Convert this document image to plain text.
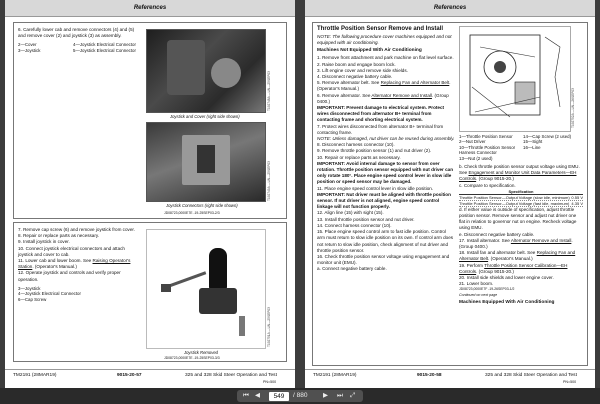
References

6. Carefully lower cab and remove connectors (4) and (5) and remove cover (2) and joystick (3) as assembly.

2—Cover
3—Joystick
4—Joystick Electrical Connector
5—Joystick Electrical Connector
Joystick and Cover (right side shown)
T192748A —UN—25SEP03
Joystick Connectors (right side shown)
T192749A —UN—25SEP03
JD08723,0000E7E -19-25SEP03-2/3

7. Remove cap screw (6) and remove joystick from cover.

8. Repair or replace parts as necessary.

9. Install joystick in cover.

10. Connect joystick electrical connectors and attach joystick and cover to cab.

11. Lower cab and lower boom. See Raising Operator's Station. (Operator's Manual.)

12. Operate joystick and controls and verify proper operation.

3—Joystick
4—Joystick Electrical Connector
6—Cap Screw
Joystick Removed
T192751A —UN—25SEP03
JD08723,0000E7E -19-25SEP03-3/3
TM2191 (28MAR19)	9015-20-57	325 and 328 Skid Steer Operation and Test
PN=500
References

Throttle Position Sensor Remove and Install

NOTE: The following procedure cover machines equipped and not equipped with air conditioning.

Machines Not Equipped With Air Conditioning

1. Remove front attachment and park machine on flat level surface.

2. Raise boom and engage boom lock.

3. Lift engine cover and remove side shields.

4. Disconnect negative battery cable.

5. Remove alternator belt. See Replacing Fan and Alternator Belt. (Operator's Manual.)

6. Remove alternator. See Alternator Remove and Install. (Group 0400.)

IMPORTANT: Prevent damage to electrical system. Protect wires disconnected from alternator B+ terminal from contacting frame and shorting electrical system.

7. Protect wires disconnected from alternator B+ terminal from contacting frame.

NOTE: Unless damaged, nut driver can be reused during assembly.

8. Disconnect harness connector (10).

9. Remove throttle position sensor (1) and nut driver (2).

10. Repair or replace parts as necessary.

IMPORTANT: Avoid internal damage to sensor from over rotation. Throttle position sensor equipped with nut driver can only rotate 180°. Place engine speed control lever in slow idle position or speed sensor may be damaged.

11. Place engine speed control lever in slow idle position.

IMPORTANT: Nut driver must be aligned with throttle position sensor. If nut driver is not aligned, engine speed control linkage will not function properly.

12. Align line (15) with sight (15).

13. Install throttle position sensor and nut driver.

14. Connect harness connector (10).

15. Place engine speed control arm to fast idle position. Control arm must return to slow idle position on its own. If control arm does not return to slow idle position, check alignment of nut driver and throttle position sensor.

16. Check throttle position sensor voltage using engagement and monitor unit (EMU).

a. Connect negative battery cable.

T192752A —UN—26SEP03
1—Throttle Position Sensor
2—Nut Driver
10—Throttle Position Sensor Harness Connector
13—Nut (2 used)
14—Cap Screw (2 used)
15—Sight
16—Line

b. Check throttle position sensor output voltage using EMU. See Engagement and Monitor Unit Data Parameters—EH Controls. (Group 9015-20.)

c. Compare to specification.

Specification
Throttle Position Sensor—Output Voltage (slow idle, minimum) 0.55 V
Throttle Position Sensor—Output Voltage (fast idle, maximum) 4.35 V

d. If either value is outside of specification, adjust throttle position sensor. Remove sensor and adjust nut driver one flat in relation to governor nut on engine. Recheck voltage using EMU.

e. Disconnect negative battery cable.

17. Install alternator. See Alternator Remove and Install. (Group 0400.)

18. Install fan and alternator belt. See Replacing Fan and Alternator Belt. (Operator's Manual.)

19. Perform Throttle Position Sensor Calibration—EH Controls. (Group 9015-20.)

20. Install side shields and lower engine cover.

21. Lower boom.

JD08723,0000E7F -19-26SEP03-1/2
Continued on next page

Machines Equipped With Air Conditioning

TM2191 (28MAR19)	9015-20-58	325 and 328 Skid Steer Operation and Test
PN=500
⏮ ◀	549	/ 880 ▶ ⏭ ⤢
